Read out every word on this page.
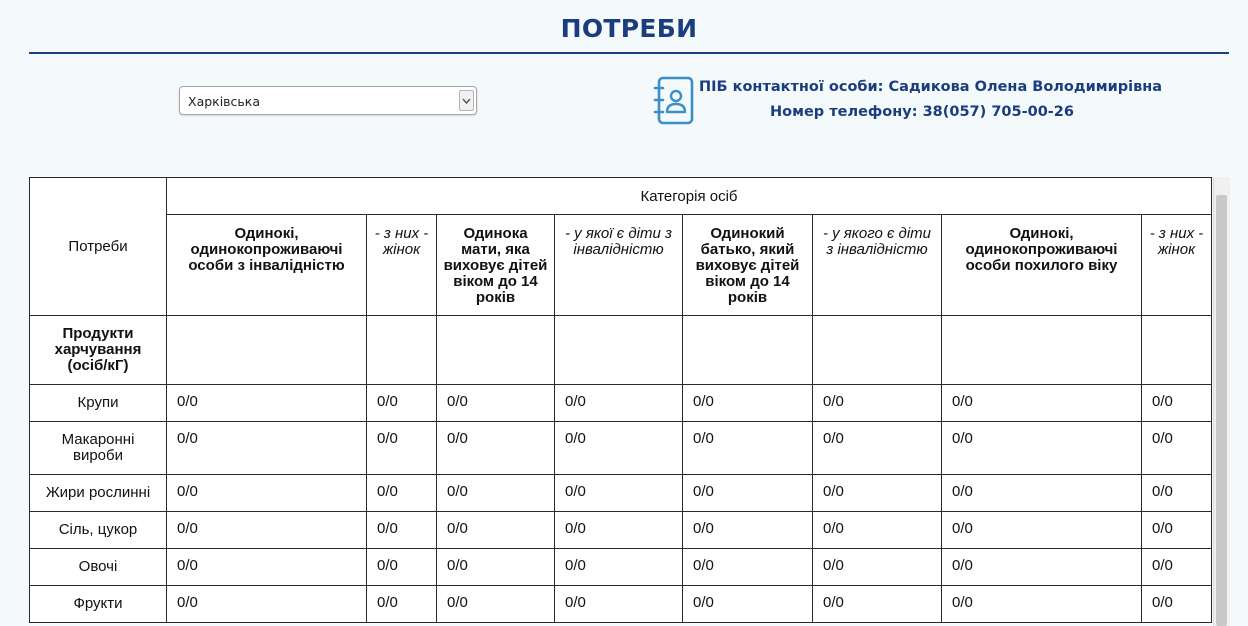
ПОТРЕБИ
Харківська
ПІБ контактної особи: Садикова Олена Володимирівна
Номер телефону: 38(057) 705-00-26
Потреби	Категорія осіб							
	Одинокі, одинокопроживаючі особи з інвалідністю	- з них - жінок	Одинока мати, яка виховує дітей віком до 14 років	- у якої є діти з інвалідністю	Одинокий батько, який виховує дітей віком до 14 років	- у якого є діти з інвалідністю	Одинокі, одинокопроживаючі особи похилого віку	- з них - жінок
Продукти харчування (осіб/кГ)								
Крупи	0/0	0/0	0/0	0/0	0/0	0/0	0/0	0/0
Макаронні вироби	0/0	0/0	0/0	0/0	0/0	0/0	0/0	0/0
Жири рослинні	0/0	0/0	0/0	0/0	0/0	0/0	0/0	0/0
Сіль, цукор	0/0	0/0	0/0	0/0	0/0	0/0	0/0	0/0
Овочі	0/0	0/0	0/0	0/0	0/0	0/0	0/0	0/0
Фрукти	0/0	0/0	0/0	0/0	0/0	0/0	0/0	0/0
